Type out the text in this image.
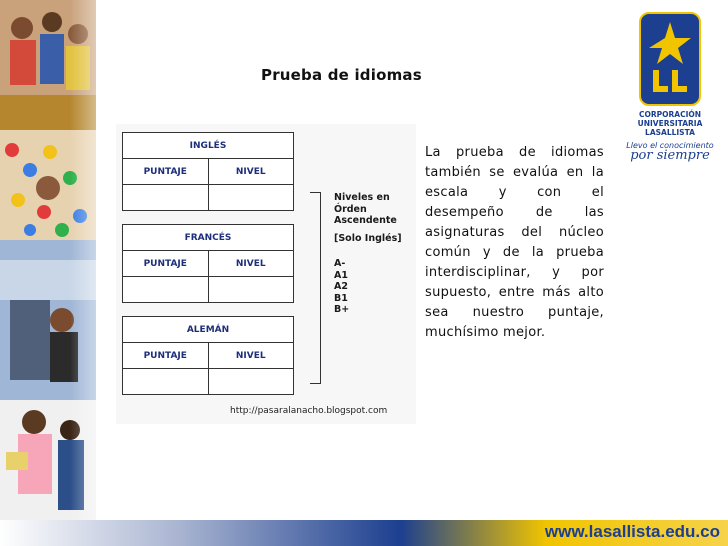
Prueba de idiomas
CORPORACIÓN
UNIVERSITARIA
LASALLISTA
Llevo el conocimiento
por siempre
INGLÉS
PUNTAJE	NIVEL
FRANCÉS
PUNTAJE	NIVEL
ALEMÁN
PUNTAJE	NIVEL
Niveles en
Órden
Ascendente
[Solo Inglés]
A-
A1
A2
B1
B+
http://pasaralanacho.blogspot.com
La prueba de idiomas también se evalúa en la escala y con el desempeño de las asignaturas del núcleo común y de la prueba interdisciplinar, y por supuesto, entre más alto sea nuestro puntaje, muchísimo mejor.
www.lasallista.edu.co
